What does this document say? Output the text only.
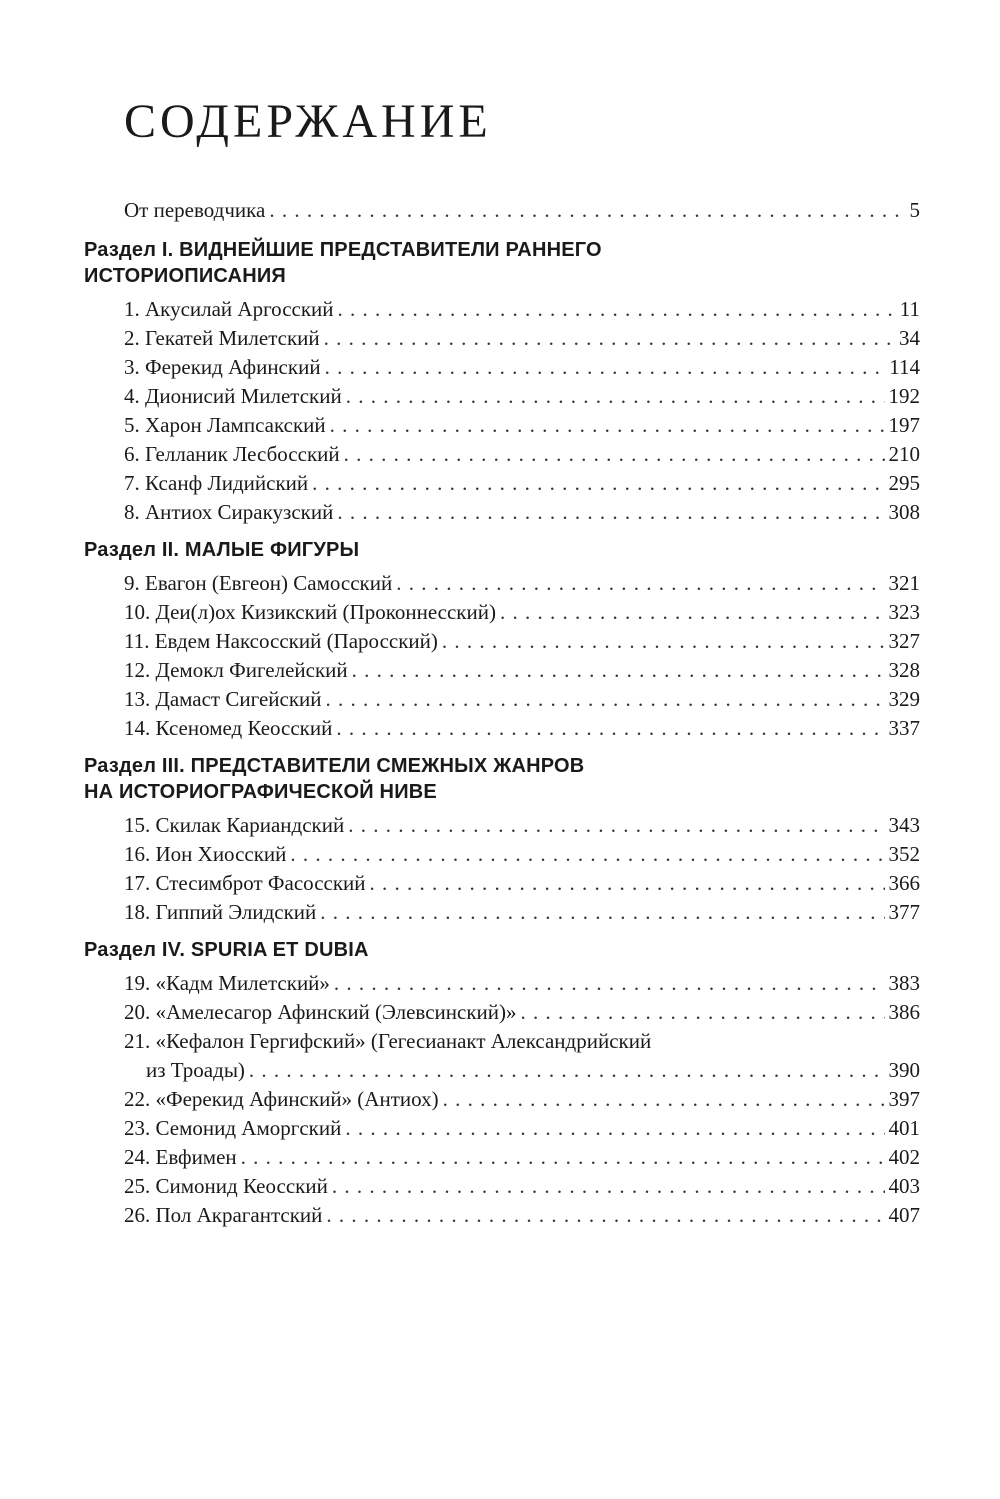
СОДЕРЖАНИЕ
От переводчика . . .	5
Раздел I. ВИДНЕЙШИЕ ПРЕДСТАВИТЕЛИ РАННЕГО
ИСТОРИОПИСАНИЯ
1. Акусилай Аргосский . . .	11
2. Гекатей Милетский . . .	34
3. Ферекид Афинский . . .	114
4. Дионисий Милетский . . .	192
5. Харон Лампсакский . . .	197
6. Гелланик Лесбосский . . .	210
7. Ксанф Лидийский . . .	295
8. Антиох Сиракузский . . .	308
Раздел II. МАЛЫЕ ФИГУРЫ
9. Евагон (Евгеон) Самосский . . .	321
10. Деи(л)ох Кизикский (Проконнесский) . . .	323
11. Евдем Наксосский (Паросский) . . .	327
12. Демокл Фигелейский . . .	328
13. Дамаст Сигейский . . .	329
14. Ксеномед Кеосский . . .	337
Раздел III. ПРЕДСТАВИТЕЛИ СМЕЖНЫХ ЖАНРОВ
НА ИСТОРИОГРАФИЧЕСКОЙ НИВЕ
15. Скилак Кариандский . . .	343
16. Ион Хиосский . . .	352
17. Стесимброт Фасосский . . .	366
18. Гиппий Элидский . . .	377
Раздел IV. SPURIA ET DUBIA
19. «Кадм Милетский» . . .	383
20. «Амелесагор Афинский (Элевсинский)» . . .	386
21. «Кефалон Гергифский» (Гегесианакт Александрийский
из Троады) . . .	390
22. «Ферекид Афинский» (Антиох) . . .	397
23. Семонид Аморгский . . .	401
24. Евфимен . . .	402
25. Симонид Кеосский . . .	403
26. Пол Акрагантский . . .	407
